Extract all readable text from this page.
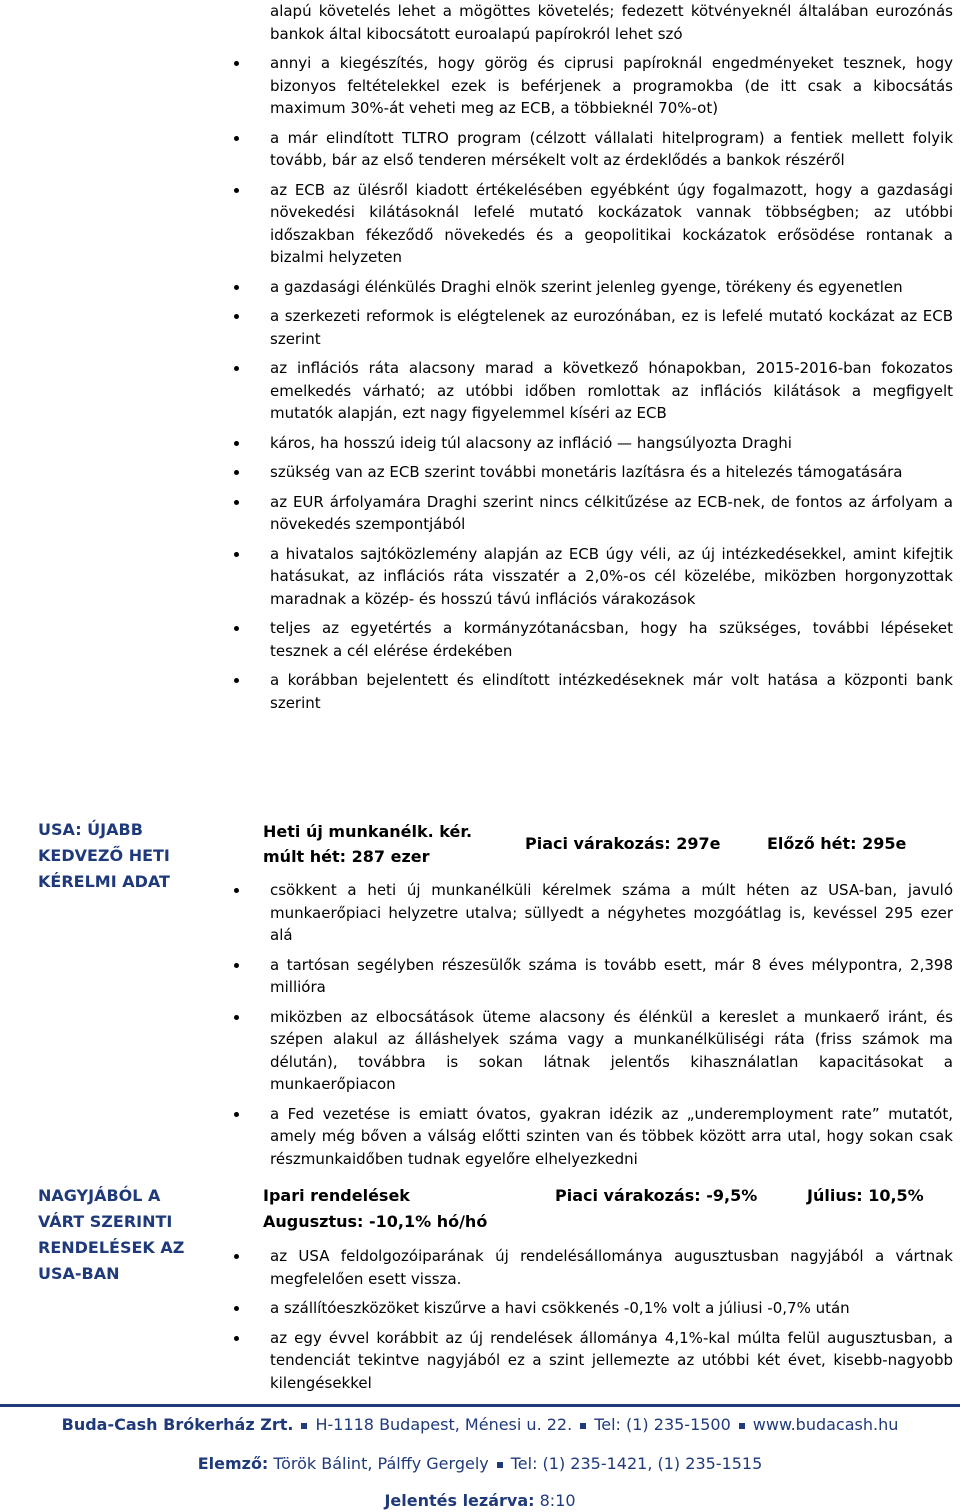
alapú követelés lehet a mögöttes követelés; fedezett kötvényeknél általában eurozónás bankok által kibocsátott euroalapú papírokról lehet szó
annyi a kiegészítés, hogy görög és ciprusi papíroknál engedményeket tesznek, hogy bizonyos feltételekkel ezek is beférjenek a programokba (de itt csak a kibocsátás maximum 30%-át veheti meg az ECB, a többieknél 70%-ot)
a már elindított TLTRO program (célzott vállalati hitelprogram) a fentiek mellett folyik tovább, bár az első tenderen mérsékelt volt az érdeklődés a bankok részéről
az ECB az ülésről kiadott értékelésében egyébként úgy fogalmazott, hogy a gazdasági növekedési kilátásoknál lefelé mutató kockázatok vannak többségben; az utóbbi időszakban fékeződő növekedés és a geopolitikai kockázatok erősödése rontanak a bizalmi helyzeten
a gazdasági élénkülés Draghi elnök szerint jelenleg gyenge, törékeny és egyenetlen
a szerkezeti reformok is elégtelenek az eurozónában, ez is lefelé mutató kockázat az ECB szerint
az inflációs ráta alacsony marad a következő hónapokban, 2015-2016-ban fokozatos emelkedés várható; az utóbbi időben romlottak az inflációs kilátások a megfigyelt mutatók alapján, ezt nagy figyelemmel kíséri az ECB
káros, ha hosszú ideig túl alacsony az infláció — hangsúlyozta Draghi
szükség van az ECB szerint további monetáris lazításra és a hitelezés támogatására
az EUR árfolyamára Draghi szerint nincs célkitűzése az ECB-nek, de fontos az árfolyam a növekedés szempontjából
a hivatalos sajtóközlemény alapján az ECB úgy véli, az új intézkedésekkel, amint kifejtik hatásukat, az inflációs ráta visszatér a 2,0%-os cél közelébe, miközben horgonyzottak maradnak a közép- és hosszú távú inflációs várakozások
teljes az egyetértés a kormányzótanácsban, hogy ha szükséges, további lépéseket tesznek a cél elérése érdekében
a korábban bejelentett és elindított intézkedéseknek már volt hatása a központi bank szerint

USA: ÚJABB KEDVEZŐ HETI KÉRELMI ADAT

Heti új munkanélk. kér.

múlt hét: 287 ezer

Piaci várakozás: 297e	Előző hét: 295e

csökkent a heti új munkanélküli kérelmek száma a múlt héten az USA-ban, javuló munkaerőpiaci helyzetre utalva; süllyedt a négyhetes mozgóátlag is, kevéssel 295 ezer alá
a tartósan segélyben részesülők száma is tovább esett, már 8 éves mélypontra, 2,398 millióra
miközben az elbocsátások üteme alacsony és élénkül a kereslet a munkaerő iránt, és szépen alakul az álláshelyek száma vagy a munkanélküliségi ráta (friss számok ma délután), továbbra is sokan látnak jelentős kihasználatlan kapacitásokat a munkaerőpiacon
a Fed vezetése is emiatt óvatos, gyakran idézik az „underemployment rate” mutatót, amely még bőven a válság előtti szinten van és többek között arra utal, hogy sokan csak részmunkaidőben tudnak egyelőre elhelyezkedni

NAGYJÁBÓL A VÁRT SZERINTI RENDELÉSEK AZ USA-BAN

Ipari rendelések

Augusztus: -10,1% hó/hó

Piaci várakozás: -9,5%	Július: 10,5%

az USA feldolgozóiparának új rendelésállománya augusztusban nagyjából a vártnak megfelelően esett vissza.
a szállítóeszközöket kiszűrve a havi csökkenés -0,1% volt a júliusi -0,7% után
az egy évvel korábbit az új rendelések állománya 4,1%-kal múlta felül augusztusban, a tendenciát tekintve nagyjából ez a szint jellemezte az utóbbi két évet, kisebb-nagyobb kilengésekkel
Buda-Cash Brókerház Zrt. H-1118 Budapest, Ménesi u. 22. Tel: (1) 235-1500 www.budacash.hu
Elemző: Török Bálint, Pálffy Gergely Tel: (1) 235-1421, (1) 235-1515
Jelentés lezárva: 8:10
